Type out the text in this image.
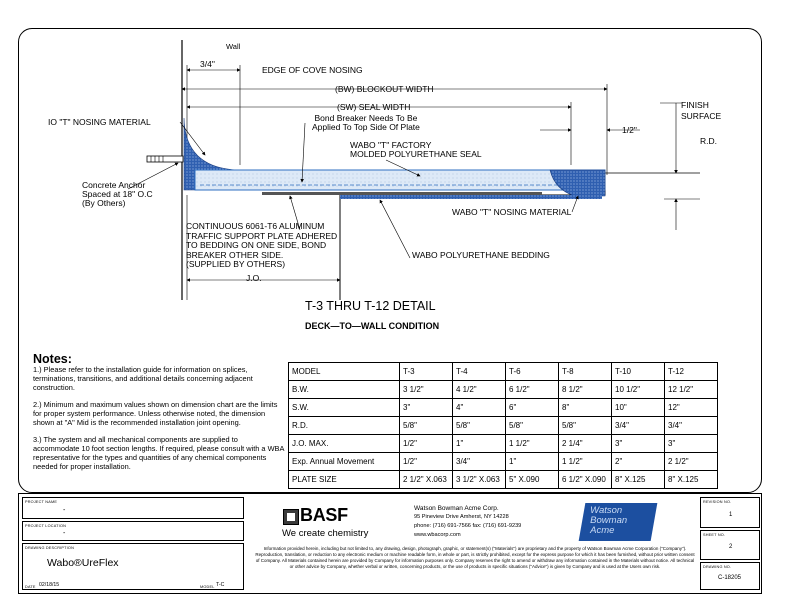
Wall
3/4"
EDGE OF COVE NOSING
(BW) BLOCKOUT WIDTH
(SW) SEAL WIDTH
IO "T" NOSING MATERIAL	Bond Breaker Needs To Be
Applied To Top Side Of Plate
WABO "T" FACTORY
MOLDED POLYURETHANE SEAL
FINISH
SURFACE
1/2"
R.D.
Concrete Anchor
Spaced at 18" O.C
(By Others)
WABO "T" NOSING MATERIAL
CONTINUOUS 6061-T6 ALUMINUM
TRAFFIC SUPPORT PLATE ADHERED
TO BEDDING ON ONE SIDE, BOND
BREAKER OTHER SIDE.
(SUPPLIED BY OTHERS)
WABO POLYURETHANE BEDDING
J.O.
T-3 THRU T-12 DETAIL
DECK—TO—WALL CONDITION
Notes:

1.) Please refer to the installation guide for information on splices, terminations, transitions, and additional details concerning adjacent construction.

2.) Minimum and maximum values shown on dimension chart are the limits for proper system performance. Unless otherwise noted, the dimension shown at "A" Mid is the recommended installation joint opening.

3.) The system and all mechanical components are supplied to accommodate 10 foot section lengths. If required, please consult with a WBA representative for the types and quantities of any chemical components needed for proper installation.

MODEL	T-3	T-4	T-6	T-8	T-10	T-12
B.W.	3 1/2"	4 1/2"	6 1/2"	8 1/2"	10 1/2"	12 1/2"
S.W.	3"	4"	6"	8"	10"	12"
R.D.	5/8"	5/8"	5/8"	5/8"	3/4"	3/4"
J.O. MAX.	1/2"	1"	1 1/2"	2 1/4"	3"	3"
Exp. Annual Movement	1/2"	3/4"	1"	1 1/2"	2"	2 1/2"
PLATE SIZE	2 1/2" X.063	3 1/2" X.063	5" X.090	6 1/2" X.090	8" X.125	8" X.125
PROJECT NAME
-
PROJECT LOCATION
-
DRAWING DESCRIPTION
Wabo®UreFlex
DATE 02/18/15	MODEL T-C
BASF
We create chemistry
Watson Bowman Acme Corp.
95 Pineview Drive Amherst, NY 14228
phone: (716) 691-7566 fax: (716) 691-9239
www.wbacorp.com
Watson
Bowman
Acme
Information provided herein, including but not limited to, any drawing, design, photograph, graphic, or statement(s) ("Materials") are proprietary and the property of Watson Bowman Acme Corporation ("Company"). Reproduction, translation, or reduction to any electronic medium or machine readable form, in whole or part, is strictly prohibited, except for the express purpose for which it has been furnished, without prior written consent of Company. All Materials contained herein are provided by Company for information purposes only. Company reserves the right to amend or withdraw any information contained in the Materials without notice. All technical or other advice by Company, whether verbal or written, concerning products, or the use of products in specific situations ("Advice") is given by Company and is used at the Users own risk.
REVISION NO.
1
SHEET NO.
2
DRAWING NO.
C-18205
